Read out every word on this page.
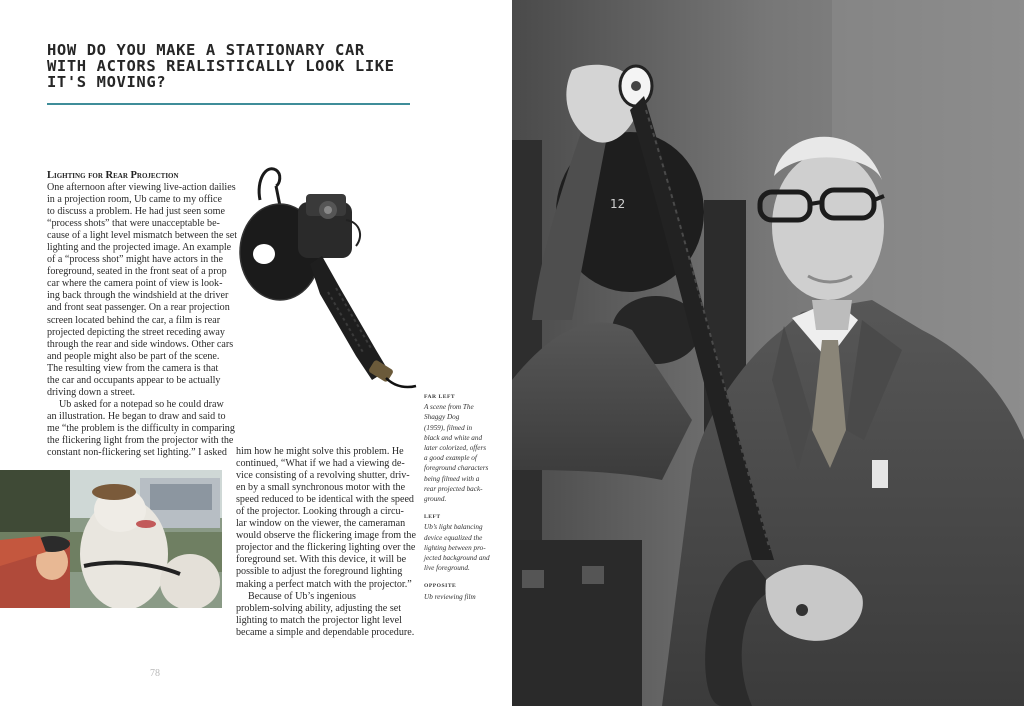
HOW DO YOU MAKE A STATIONARY CAR
WITH ACTORS REALISTICALLY LOOK LIKE
IT'S MOVING?
Lighting for Rear Projection
One afternoon after viewing live-action dailies
in a projection room, Ub came to my office
to discuss a problem. He had just seen some
“process shots” that were unacceptable be-
cause of a light level mismatch between the set
lighting and the projected image. An example
of a “process shot” might have actors in the
foreground, seated in the front seat of a prop
car where the camera point of view is look-
ing back through the windshield at the driver
and front seat passenger. On a rear projection
screen located behind the car, a film is rear
projected depicting the street receding away
through the rear and side windows. Other cars
and people might also be part of the scene.
The resulting view from the camera is that
the car and occupants appear to be actually
driving down a street.
Ub asked for a notepad so he could draw
an illustration. He began to draw and said to
me “the problem is the difficulty in comparing
the flickering light from the projector with the
constant non-flickering set lighting.” I asked
FAR LEFT
A scene from The
Shaggy Dog
(1959), filmed in
black and white and
later colorized, offers
a good example of
foreground characters
being filmed with a
rear projected back-
ground.
LEFT
Ub’s light balancing
device equalized the
lighting between pro-
jected background and
live foreground.
OPPOSITE
Ub reviewing film
him how he might solve this problem. He
continued, “What if we had a viewing de-
vice consisting of a revolving shutter, driv-
en by a small synchronous motor with the
speed reduced to be identical with the speed
of the projector. Looking through a circu-
lar window on the viewer, the cameraman
would observe the flickering image from the
projector and the flickering lighting over the
foreground set. With this device, it will be
possible to adjust the foreground lighting
making a perfect match with the projector.”
Because of Ub’s ingenious
problem-solving ability, adjusting the set
lighting to match the projector light level
became a simple and dependable procedure.
78
12
